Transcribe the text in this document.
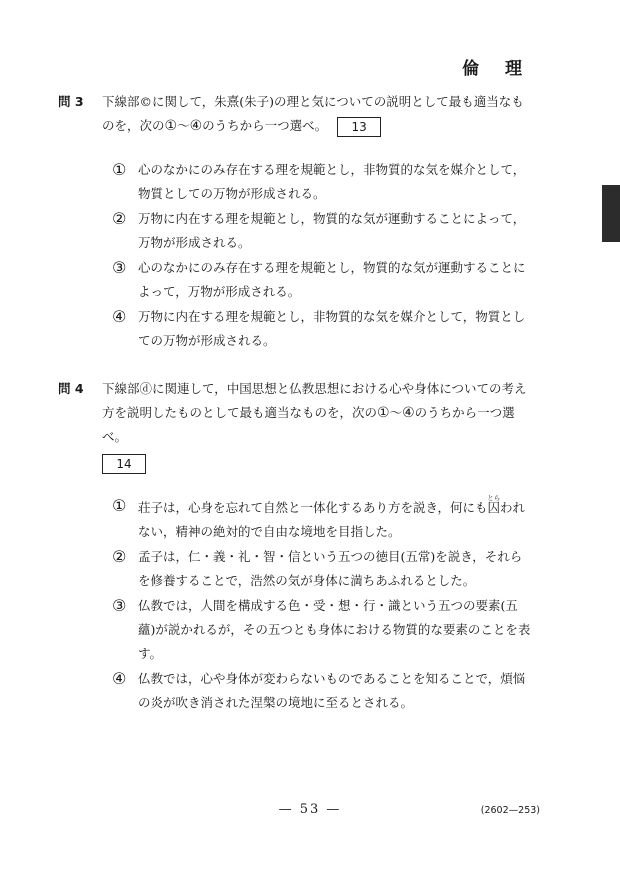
倫 理
問 3 下線部©に関して，朱熹(朱子)の理と気についての説明として最も適当なものを，次の①～④のうちから一つ選べ。 13
① 心のなかにのみ存在する理を規範とし，非物質的な気を媒介として，物質としての万物が形成される。
② 万物に内在する理を規範とし，物質的な気が運動することによって，万物が形成される。
③ 心のなかにのみ存在する理を規範とし，物質的な気が運動することによって，万物が形成される。
④ 万物に内在する理を規範とし，非物質的な気を媒介として，物質としての万物が形成される。
問 4 下線部ⓓに関連して，中国思想と仏教思想における心や身体についての考え方を説明したものとして最も適当なものを，次の①～④のうちから一つ選べ。
14
① 荘子は，心身を忘れて自然と一体化するあり方を説き，何にも囚とらわれない，精神の絶対的で自由な境地を目指した。
② 孟子は，仁・義・礼・智・信という五つの徳目(五常)を説き，それらを修養することで，浩然の気が身体に満ちあふれるとした。
③ 仏教では，人間を構成する色・受・想・行・識という五つの要素(五蘊)が説かれるが，その五つとも身体における物質的な要素のことを表す。
④ 仏教では，心や身体が変わらないものであることを知ることで，煩悩の炎が吹き消された涅槃の境地に至るとされる。
— 53 —	(2602—253)
